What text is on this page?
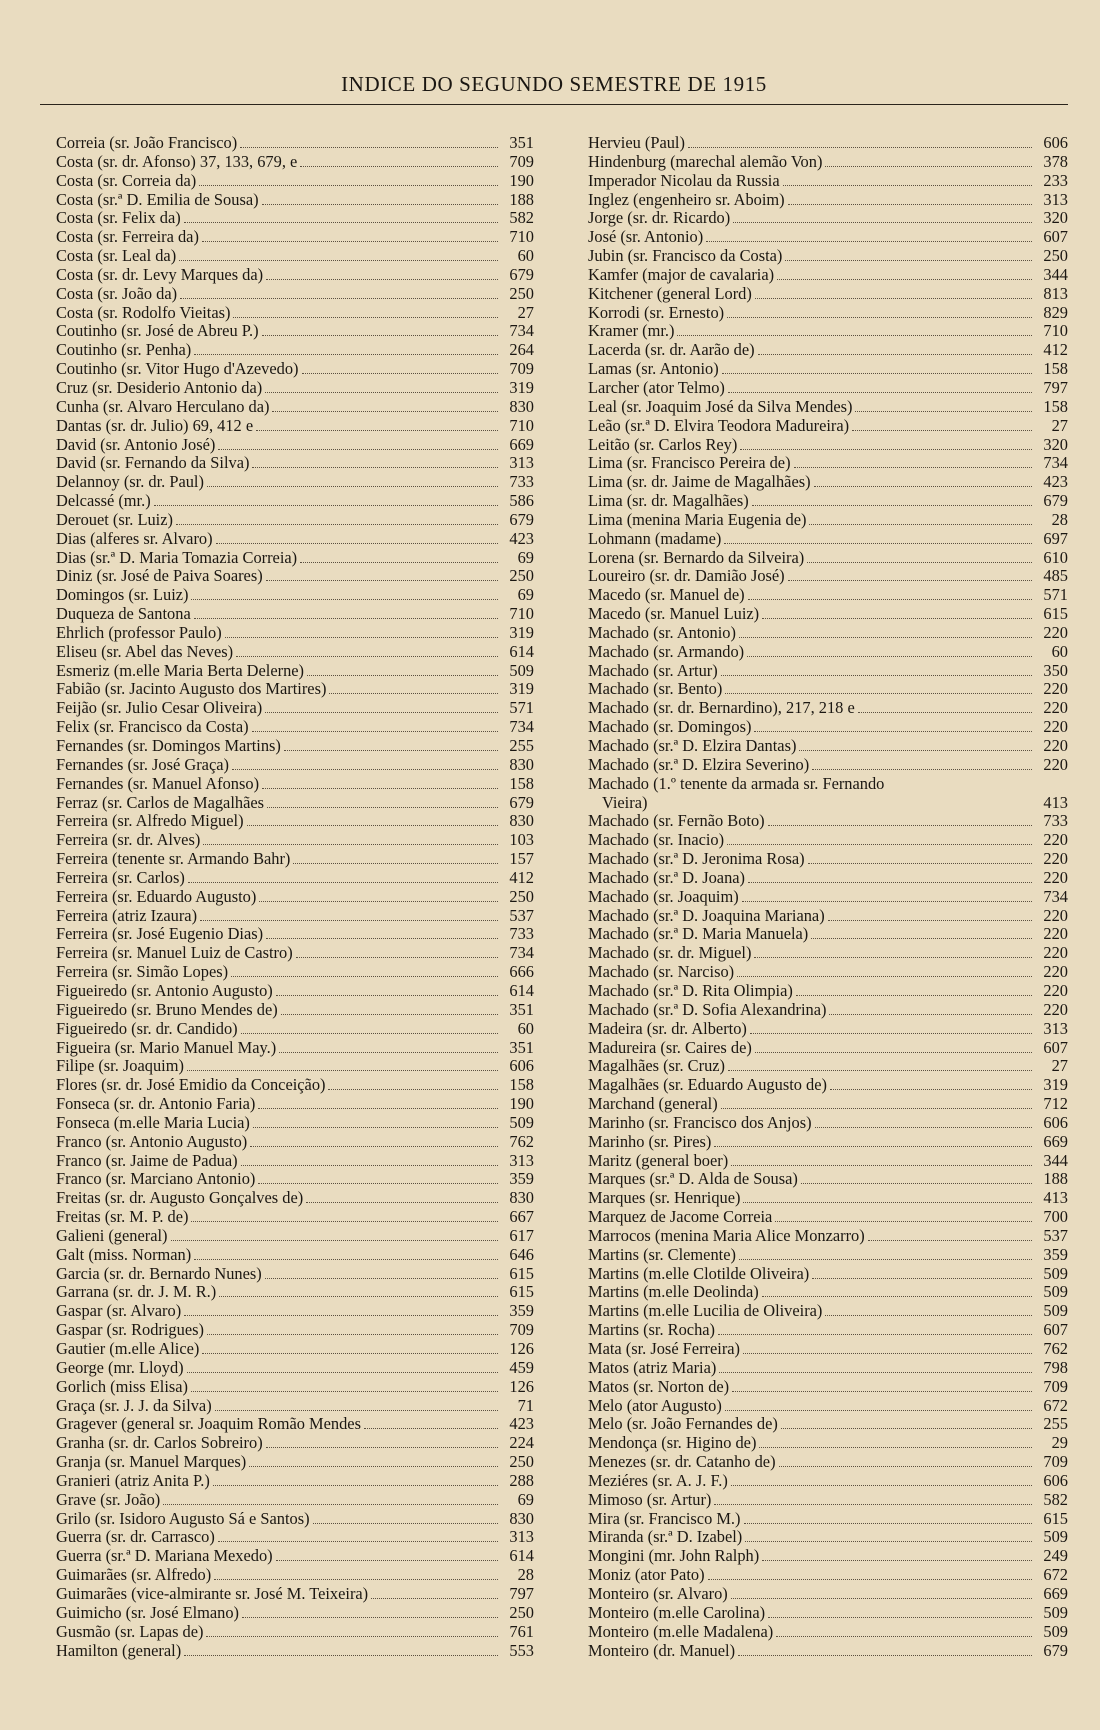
INDICE DO SEGUNDO SEMESTRE DE 1915
Correia (sr. João Francisco)	351
Costa (sr. dr. Afonso) 37, 133, 679, e	709
Costa (sr. Correia da)	190
Costa (sr.ª D. Emilia de Sousa)	188
Costa (sr. Felix da)	582
Costa (sr. Ferreira da)	710
Costa (sr. Leal da)	60
Costa (sr. dr. Levy Marques da)	679
Costa (sr. João da)	250
Costa (sr. Rodolfo Vieitas)	27
Coutinho (sr. José de Abreu P.)	734
Coutinho (sr. Penha)	264
Coutinho (sr. Vitor Hugo d'Azevedo)	709
Cruz (sr. Desiderio Antonio da)	319
Cunha (sr. Alvaro Herculano da)	830
Dantas (sr. dr. Julio) 69, 412 e	710
David (sr. Antonio José)	669
David (sr. Fernando da Silva)	313
Delannoy (sr. dr. Paul)	733
Delcassé (mr.)	586
Derouet (sr. Luiz)	679
Dias (alferes sr. Alvaro)	423
Dias (sr.ª D. Maria Tomazia Correia)	69
Diniz (sr. José de Paiva Soares)	250
Domingos (sr. Luiz)	69
Duqueza de Santona	710
Ehrlich (professor Paulo)	319
Eliseu (sr. Abel das Neves)	614
Esmeriz (m.elle Maria Berta Delerne)	509
Fabião (sr. Jacinto Augusto dos Martires)	319
Feijão (sr. Julio Cesar Oliveira)	571
Felix (sr. Francisco da Costa)	734
Fernandes (sr. Domingos Martins)	255
Fernandes (sr. José Graça)	830
Fernandes (sr. Manuel Afonso)	158
Ferraz (sr. Carlos de Magalhães	679
Ferreira (sr. Alfredo Miguel)	830
Ferreira (sr. dr. Alves)	103
Ferreira (tenente sr. Armando Bahr)	157
Ferreira (sr. Carlos)	412
Ferreira (sr. Eduardo Augusto)	250
Ferreira (atriz Izaura)	537
Ferreira (sr. José Eugenio Dias)	733
Ferreira (sr. Manuel Luiz de Castro)	734
Ferreira (sr. Simão Lopes)	666
Figueiredo (sr. Antonio Augusto)	614
Figueiredo (sr. Bruno Mendes de)	351
Figueiredo (sr. dr. Candido)	60
Figueira (sr. Mario Manuel May.)	351
Filipe (sr. Joaquim)	606
Flores (sr. dr. José Emidio da Conceição)	158
Fonseca (sr. dr. Antonio Faria)	190
Fonseca (m.elle Maria Lucia)	509
Franco (sr. Antonio Augusto)	762
Franco (sr. Jaime de Padua)	313
Franco (sr. Marciano Antonio)	359
Freitas (sr. dr. Augusto Gonçalves de)	830
Freitas (sr. M. P. de)	667
Galieni (general)	617
Galt (miss. Norman)	646
Garcia (sr. dr. Bernardo Nunes)	615
Garrana (sr. dr. J. M. R.)	615
Gaspar (sr. Alvaro)	359
Gaspar (sr. Rodrigues)	709
Gautier (m.elle Alice)	126
George (mr. Lloyd)	459
Gorlich (miss Elisa)	126
Graça (sr. J. J. da Silva)	71
Gragever (general sr. Joaquim Romão Mendes	423
Granha (sr. dr. Carlos Sobreiro)	224
Granja (sr. Manuel Marques)	250
Granieri (atriz Anita P.)	288
Grave (sr. João)	69
Grilo (sr. Isidoro Augusto Sá e Santos)	830
Guerra (sr. dr. Carrasco)	313
Guerra (sr.ª D. Mariana Mexedo)	614
Guimarães (sr. Alfredo)	28
Guimarães (vice-almirante sr. José M. Teixeira)	797
Guimicho (sr. José Elmano)	250
Gusmão (sr. Lapas de)	761
Hamilton (general)	553
Hervieu (Paul)	606
Hindenburg (marechal alemão Von)	378
Imperador Nicolau da Russia	233
Inglez (engenheiro sr. Aboim)	313
Jorge (sr. dr. Ricardo)	320
José (sr. Antonio)	607
Jubin (sr. Francisco da Costa)	250
Kamfer (major de cavalaria)	344
Kitchener (general Lord)	813
Korrodi (sr. Ernesto)	829
Kramer (mr.)	710
Lacerda (sr. dr. Aarão de)	412
Lamas (sr. Antonio)	158
Larcher (ator Telmo)	797
Leal (sr. Joaquim José da Silva Mendes)	158
Leão (sr.ª D. Elvira Teodora Madureira)	27
Leitão (sr. Carlos Rey)	320
Lima (sr. Francisco Pereira de)	734
Lima (sr. dr. Jaime de Magalhães)	423
Lima (sr. dr. Magalhães)	679
Lima (menina Maria Eugenia de)	28
Lohmann (madame)	697
Lorena (sr. Bernardo da Silveira)	610
Loureiro (sr. dr. Damião José)	485
Macedo (sr. Manuel de)	571
Macedo (sr. Manuel Luiz)	615
Machado (sr. Antonio)	220
Machado (sr. Armando)	60
Machado (sr. Artur)	350
Machado (sr. Bento)	220
Machado (sr. dr. Bernardino), 217, 218 e	220
Machado (sr. Domingos)	220
Machado (sr.ª D. Elzira Dantas)	220
Machado (sr.ª D. Elzira Severino)	220
Machado (1.º tenente da armada sr. Fernando
Vieira)	413
Machado (sr. Fernão Boto)	733
Machado (sr. Inacio)	220
Machado (sr.ª D. Jeronima Rosa)	220
Machado (sr.ª D. Joana)	220
Machado (sr. Joaquim)	734
Machado (sr.ª D. Joaquina Mariana)	220
Machado (sr.ª D. Maria Manuela)	220
Machado (sr. dr. Miguel)	220
Machado (sr. Narciso)	220
Machado (sr.ª D. Rita Olimpia)	220
Machado (sr.ª D. Sofia Alexandrina)	220
Madeira (sr. dr. Alberto)	313
Madureira (sr. Caires de)	607
Magalhães (sr. Cruz)	27
Magalhães (sr. Eduardo Augusto de)	319
Marchand (general)	712
Marinho (sr. Francisco dos Anjos)	606
Marinho (sr. Pires)	669
Maritz (general boer)	344
Marques (sr.ª D. Alda de Sousa)	188
Marques (sr. Henrique)	413
Marquez de Jacome Correia	700
Marrocos (menina Maria Alice Monzarro)	537
Martins (sr. Clemente)	359
Martins (m.elle Clotilde Oliveira)	509
Martins (m.elle Deolinda)	509
Martins (m.elle Lucilia de Oliveira)	509
Martins (sr. Rocha)	607
Mata (sr. José Ferreira)	762
Matos (atriz Maria)	798
Matos (sr. Norton de)	709
Melo (ator Augusto)	672
Melo (sr. João Fernandes de)	255
Mendonça (sr. Higino de)	29
Menezes (sr. dr. Catanho de)	709
Meziéres (sr. A. J. F.)	606
Mimoso (sr. Artur)	582
Mira (sr. Francisco M.)	615
Miranda (sr.ª D. Izabel)	509
Mongini (mr. John Ralph)	249
Moniz (ator Pato)	672
Monteiro (sr. Alvaro)	669
Monteiro (m.elle Carolina)	509
Monteiro (m.elle Madalena)	509
Monteiro (dr. Manuel)	679
